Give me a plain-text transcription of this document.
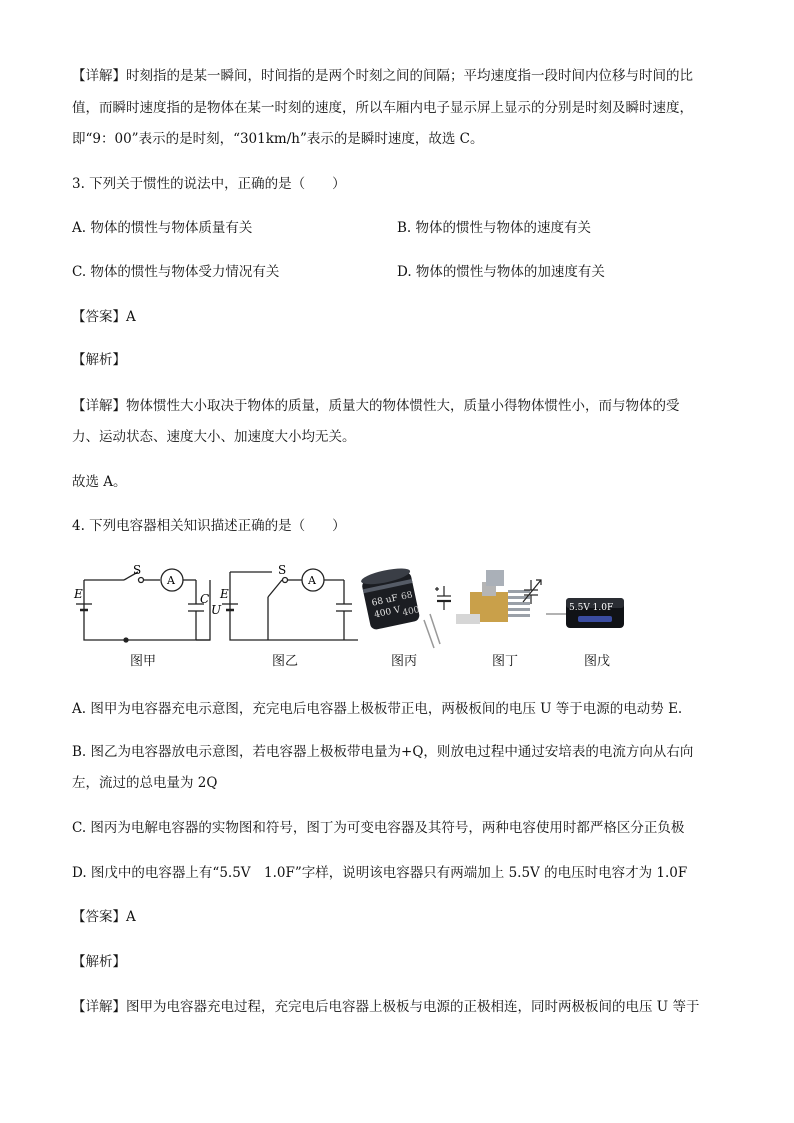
【详解】时刻指的是某一瞬间，时间指的是两个时刻之间的间隔；平均速度指一段时间内位移与时间的比
值，而瞬时速度指的是物体在某一时刻的速度，所以车厢内电子显示屏上显示的分别是时刻及瞬时速度，
即“9：00”表示的是时刻，“301km/h”表示的是瞬时速度，故选 C。
3. 下列关于惯性的说法中，正确的是（　　）
A. 物体的惯性与物体质量有关	B. 物体的惯性与物体的速度有关
C. 物体的惯性与物体受力情况有关	D. 物体的惯性与物体的加速度有关
【答案】A
【解析】
【详解】物体惯性大小取决于物体的质量，质量大的物体惯性大，质量小得物体惯性小，而与物体的受
力、运动状态、速度大小、加速度大小均无关。
故选 A。
4. 下列电容器相关知识描述正确的是（　　）
S
A
E	C
U
S
A
E	68 uF
400 V
68
400	5.5V 1.0F
图甲	图乙	图丙	图丁	图戊
A. 图甲为电容器充电示意图，充完电后电容器上极板带正电，两极板间的电压 U 等于电源的电动势 E.
B. 图乙为电容器放电示意图，若电容器上极板带电量为+Q，则放电过程中通过安培表的电流方向从右向
左，流过的总电量为 2Q
C. 图丙为电解电容器的实物图和符号，图丁为可变电容器及其符号，两种电容使用时都严格区分正负极
D. 图戊中的电容器上有“5.5V　1.0F”字样，说明该电容器只有两端加上 5.5V 的电压时电容才为 1.0F
【答案】A
【解析】
【详解】图甲为电容器充电过程，充完电后电容器上极板与电源的正极相连，同时两极板间的电压 U 等于
